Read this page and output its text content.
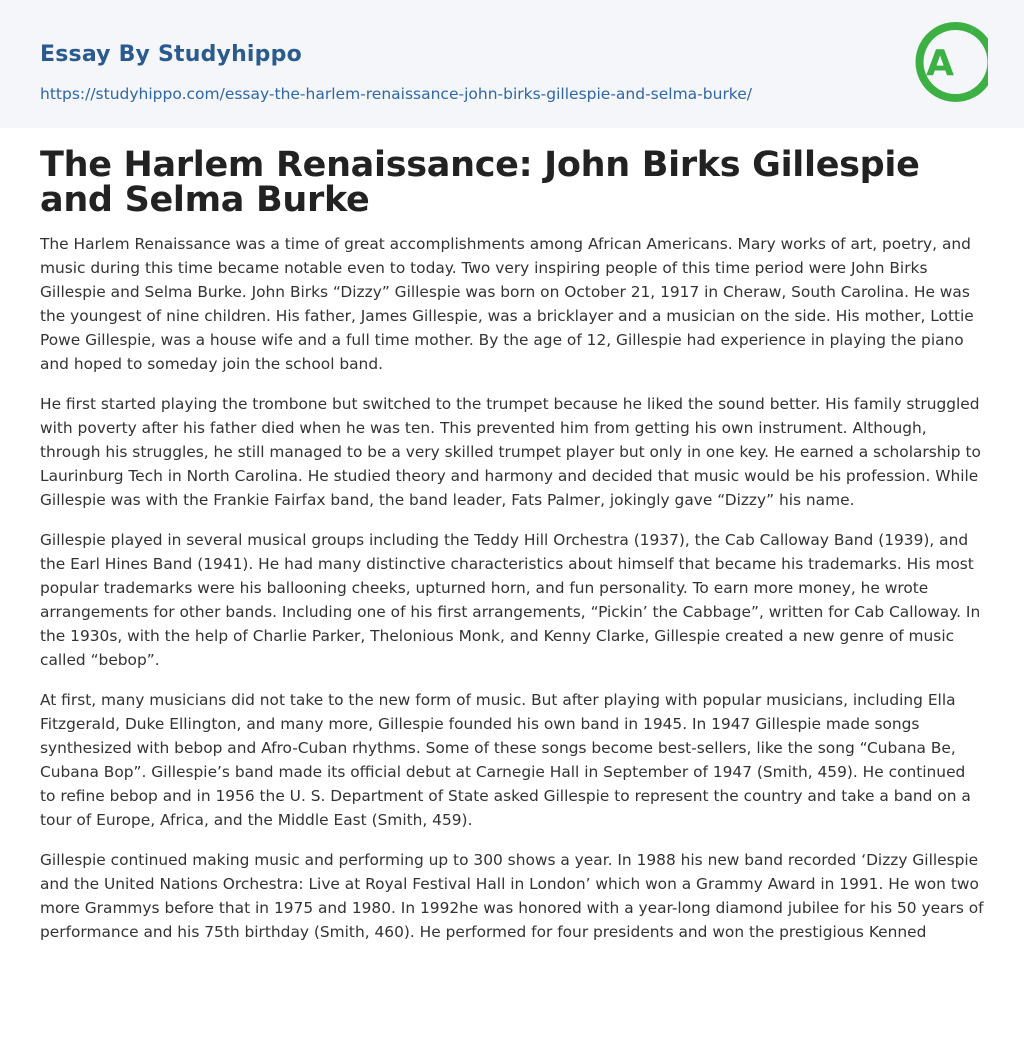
Essay By Studyhippo
https://studyhippo.com/essay-the-harlem-renaissance-john-birks-gillespie-and-selma-burke/
A
The Harlem Renaissance: John Birks Gillespie and Selma Burke

The Harlem Renaissance was a time of great accomplishments among African Americans. Mary works of art, poetry, and music during this time became notable even to today. Two very inspiring people of this time period were John Birks Gillespie and Selma Burke. John Birks “Dizzy” Gillespie was born on October 21, 1917 in Cheraw, South Carolina. He was the youngest of nine children. His father, James Gillespie, was a bricklayer and a musician on the side. His mother, Lottie Powe Gillespie, was a house wife and a full time mother. By the age of 12, Gillespie had experience in playing the piano and hoped to someday join the school band.

He first started playing the trombone but switched to the trumpet because he liked the sound better. His family struggled with poverty after his father died when he was ten. This prevented him from getting his own instrument. Although, through his struggles, he still managed to be a very skilled trumpet player but only in one key. He earned a scholarship to Laurinburg Tech in North Carolina. He studied theory and harmony and decided that music would be his profession. While Gillespie was with the Frankie Fairfax band, the band leader, Fats Palmer, jokingly gave “Dizzy” his name.

Gillespie played in several musical groups including the Teddy Hill Orchestra (1937), the Cab Calloway Band (1939), and the Earl Hines Band (1941). He had many distinctive characteristics about himself that became his trademarks. His most popular trademarks were his ballooning cheeks, upturned horn, and fun personality. To earn more money, he wrote arrangements for other bands. Including one of his first arrangements, “Pickin’ the Cabbage”, written for Cab Calloway. In the 1930s, with the help of Charlie Parker, Thelonious Monk, and Kenny Clarke, Gillespie created a new genre of music called “bebop”.

At first, many musicians did not take to the new form of music. But after playing with popular musicians, including Ella Fitzgerald, Duke Ellington, and many more, Gillespie founded his own band in 1945. In 1947 Gillespie made songs synthesized with bebop and Afro-Cuban rhythms. Some of these songs become best-sellers, like the song “Cubana Be, Cubana Bop”. Gillespie’s band made its official debut at Carnegie Hall in September of 1947 (Smith, 459). He continued to refine bebop and in 1956 the U. S. Department of State asked Gillespie to represent the country and take a band on a tour of Europe, Africa, and the Middle East (Smith, 459).

Gillespie continued making music and performing up to 300 shows a year. In 1988 his new band recorded ‘Dizzy Gillespie and the United Nations Orchestra: Live at Royal Festival Hall in London’ which won a Grammy Award in 1991. He won two more Grammys before that in 1975 and 1980. In 1992he was honored with a year-long diamond jubilee for his 50 years of performance and his 75th birthday (Smith, 460). He performed for four presidents and won the prestigious Kenned
